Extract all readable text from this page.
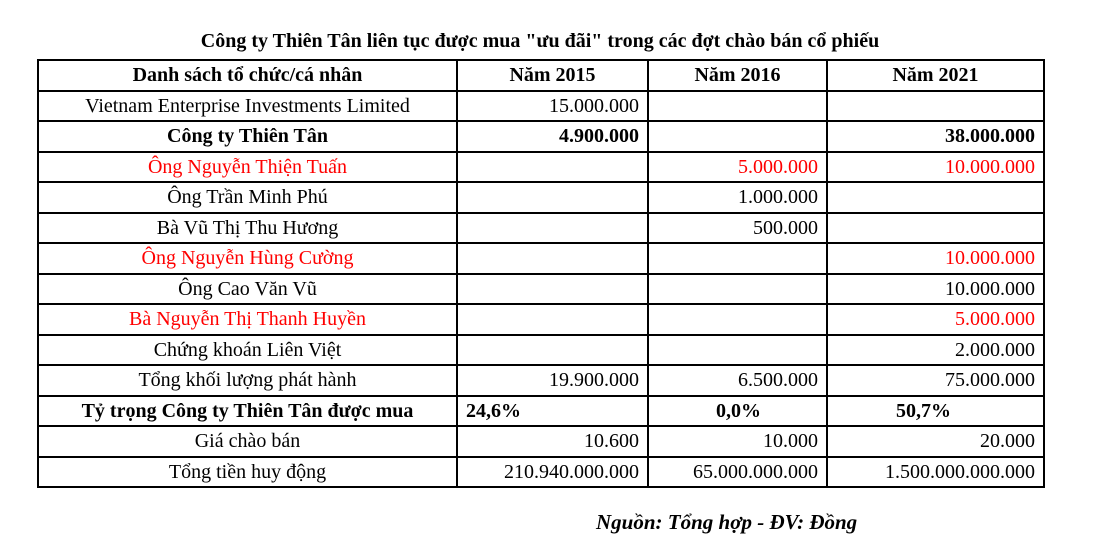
Công ty Thiên Tân liên tục được mua "ưu đãi" trong các đợt chào bán cổ phiếu
Danh sách tổ chức/cá nhân	Năm 2015	Năm 2016	Năm 2021
Vietnam Enterprise Investments Limited	15.000.000		
Công ty Thiên Tân	4.900.000		38.000.000
Ông Nguyễn Thiện Tuấn		5.000.000	10.000.000
Ông Trần Minh Phú		1.000.000	
Bà Vũ Thị Thu Hương		500.000	
Ông Nguyễn Hùng Cường			10.000.000
Ông Cao Văn Vũ			10.000.000
Bà Nguyễn Thị Thanh Huyền			5.000.000
Chứng khoán Liên Việt			2.000.000
Tổng khối lượng phát hành	19.900.000	6.500.000	75.000.000
Tỷ trọng Công ty Thiên Tân được mua	24,6%	0,0%	50,7%
Giá chào bán	10.600	10.000	20.000
Tổng tiền huy động	210.940.000.000	65.000.000.000	1.500.000.000.000
Nguồn: Tổng hợp - ĐV: Đồng
